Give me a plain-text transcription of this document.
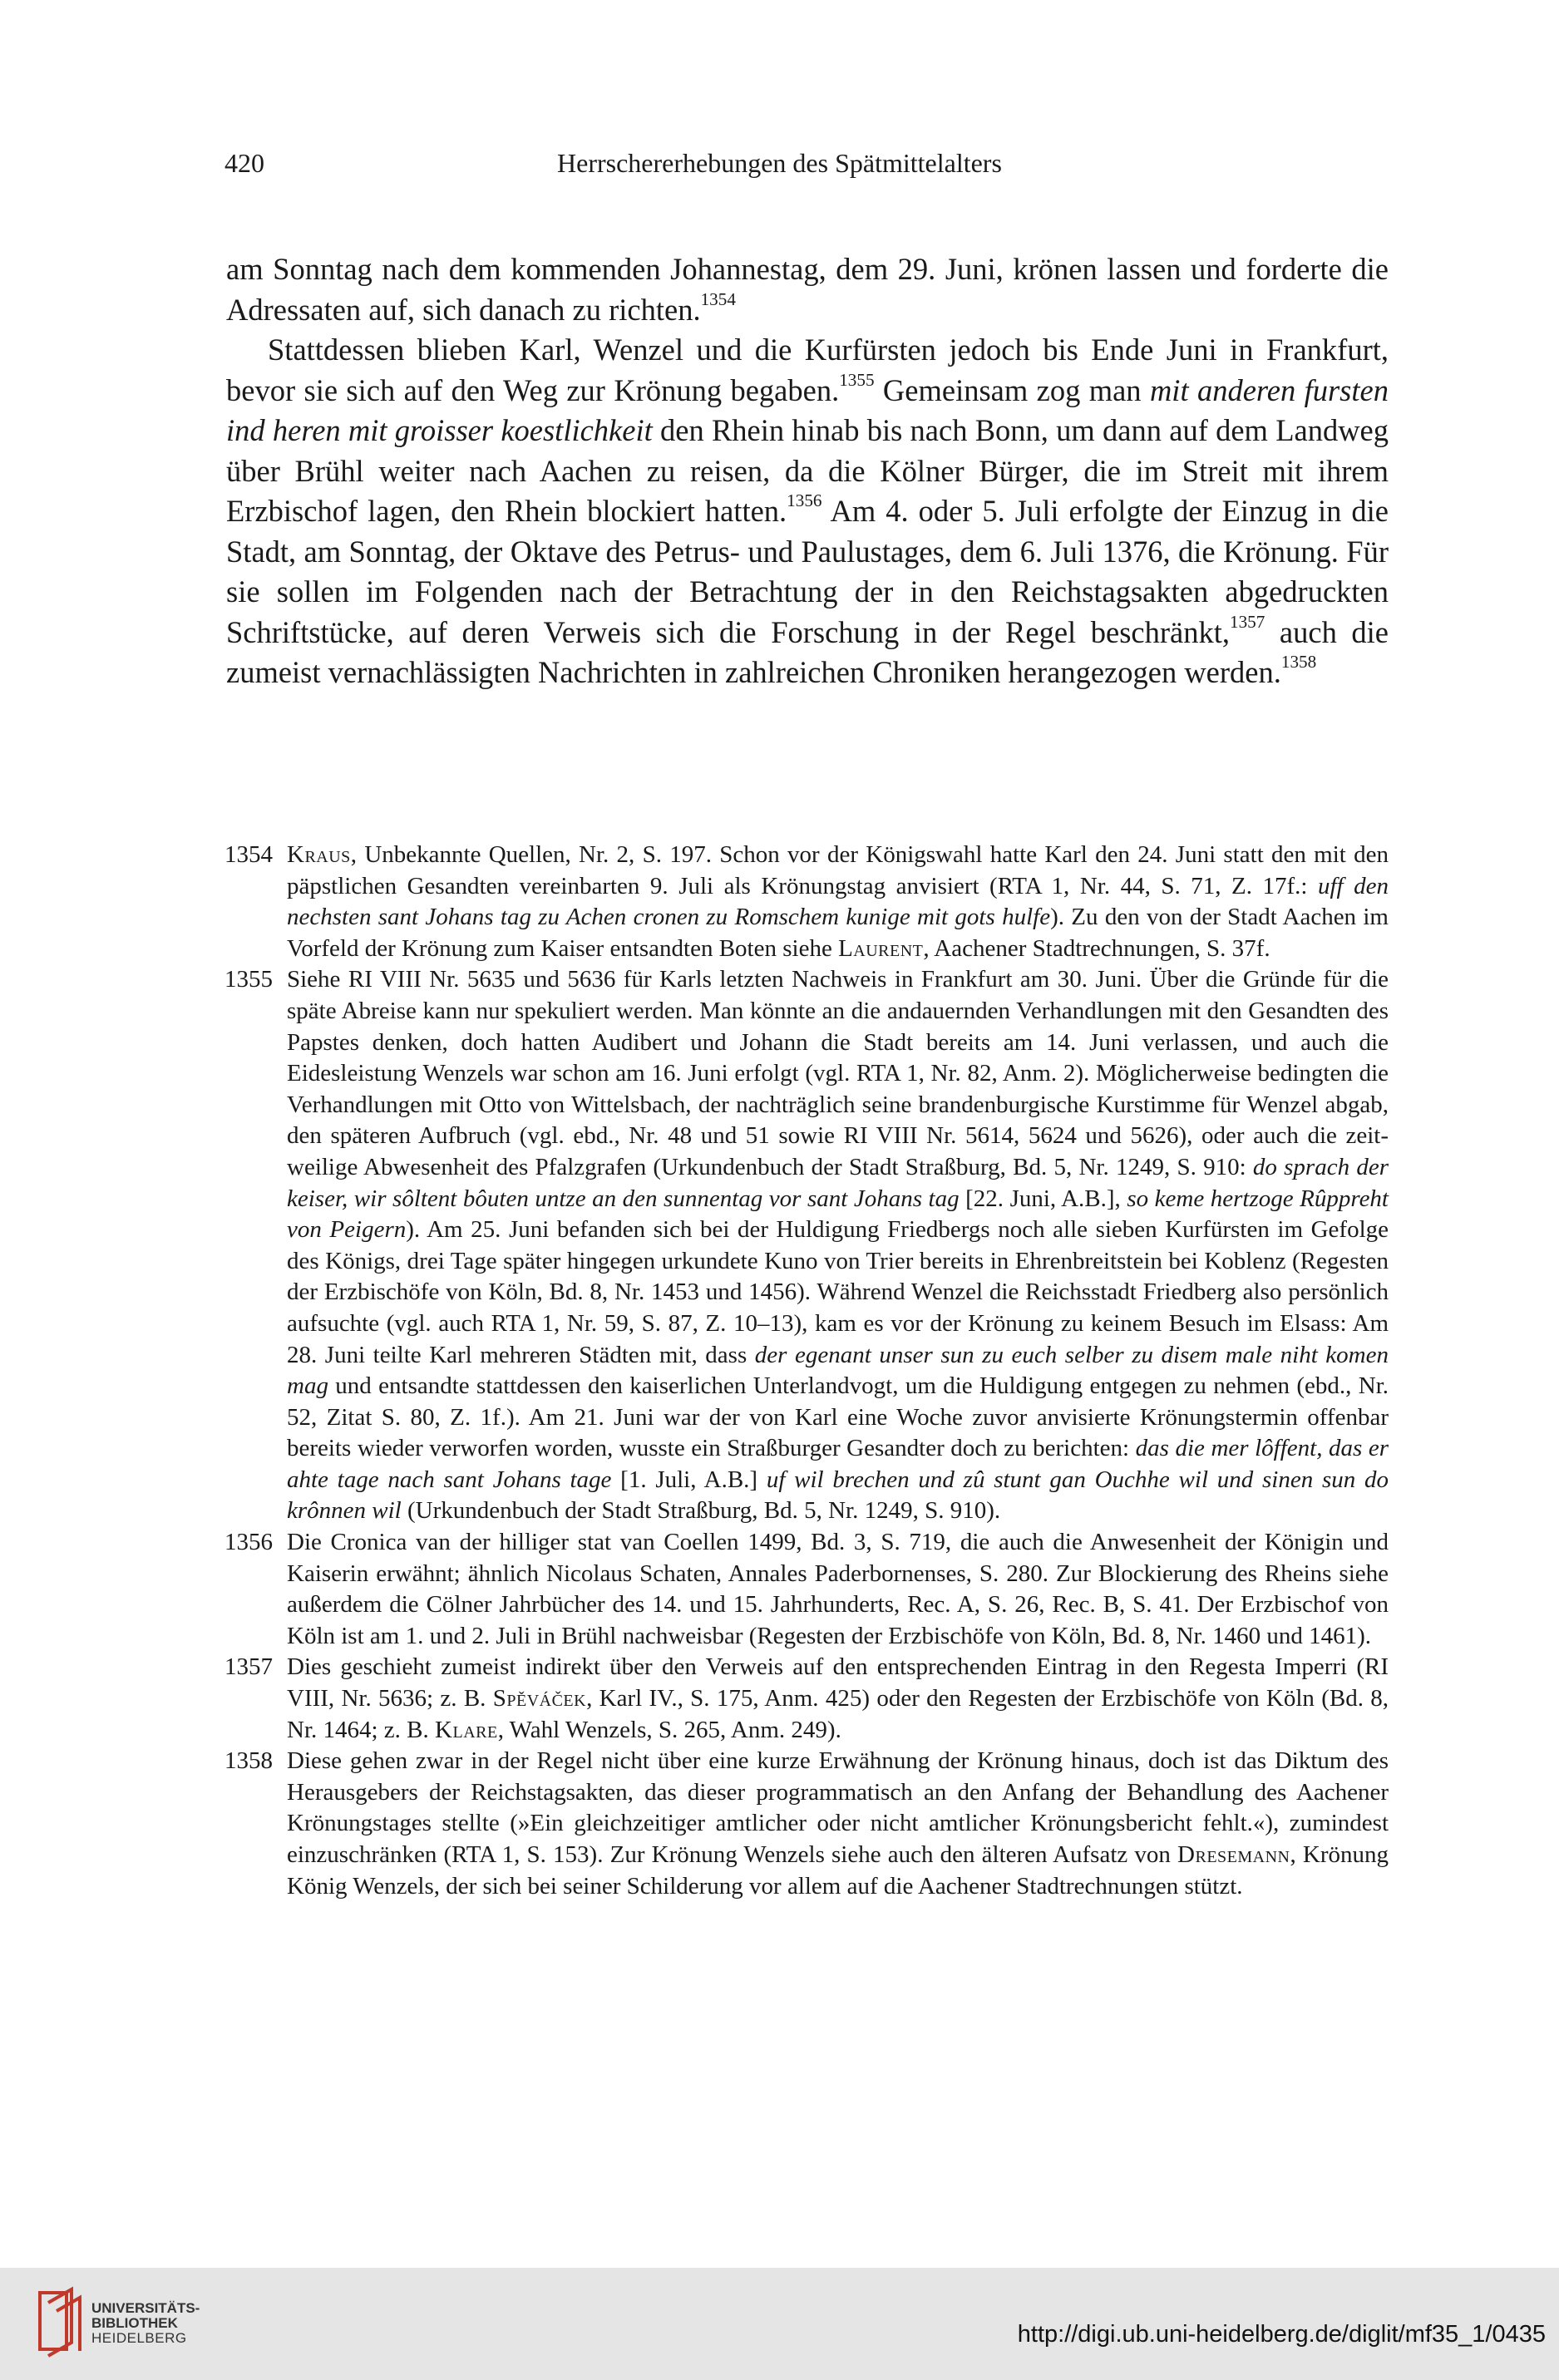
420	Herrschererhebungen des Spätmittelalters

am Sonntag nach dem kommenden Johannestag, dem 29. Juni, krönen lassen und forderte die Adressaten auf, sich danach zu richten.$^{1354}$

Stattdessen blieben Karl, Wenzel und die Kurfürsten jedoch bis Ende Juni in Frankfurt, bevor sie sich auf den Weg zur Krönung begaben.$^{1355}$ Gemeinsam zog man mit anderen fursten ind heren mit groisser koestlichkeit den Rhein hinab bis nach Bonn, um dann auf dem Landweg über Brühl weiter nach Aachen zu reisen, da die Kölner Bürger, die im Streit mit ihrem Erzbischof lagen, den Rhein blockiert hatten.$^{1356}$ Am 4. oder 5. Juli erfolgte der Einzug in die Stadt, am Sonntag, der Oktave des Petrus- und Paulustages, dem 6. Juli 1376, die Krönung. Für sie sollen im Folgenden nach der Betrachtung der in den Reichstagsakten abgedruckten Schriftstücke, auf deren Verweis sich die Forschung in der Regel beschränkt,$^{1357}$ auch die zumeist vernachlässigten Nachrichten in zahlreichen Chroniken herangezogen werden.$^{1358}$

1354 Kraus, Unbekannte Quellen, Nr. 2, S. 197. Schon vor der Königswahl hatte Karl den 24. Juni statt den mit den päpstlichen Gesandten vereinbarten 9. Juli als Krönungstag anvisiert (RTA 1, Nr. 44, S. 71, Z. 17f.: uff den nechsten sant Johans tag zu Achen cronen zu Romschem kunige mit gots hulfe). Zu den von der Stadt Aachen im Vorfeld der Krönung zum Kaiser entsandten Boten siehe Laurent, Aachener Stadtrechnungen, S. 37f.

1355 Siehe RI VIII Nr. 5635 und 5636 für Karls letzten Nachweis in Frankfurt am 30. Juni. Über die Gründe für die späte Abreise kann nur spekuliert werden. Man könnte an die andauernden Verhandlungen mit den Gesandten des Papstes denken, doch hatten Audibert und Johann die Stadt bereits am 14. Juni verlassen, und auch die Eidesleistung Wenzels war schon am 16. Juni erfolgt (vgl. RTA 1, Nr. 82, Anm. 2). Möglicherweise bedingten die Verhandlungen mit Otto von Wittelsbach, der nachträglich seine brandenburgische Kurstimme für Wenzel abgab, den späteren Aufbruch (vgl. ebd., Nr. 48 und 51 sowie RI VIII Nr. 5614, 5624 und 5626), oder auch die zeitweilige Abwesenheit des Pfalzgrafen (Urkundenbuch der Stadt Straßburg, Bd. 5, Nr. 1249, S. 910: do sprach der keiser, wir sôltent bôuten untze an den sunnentag vor sant Johans tag [22. Juni, A.B.], so keme hertzoge Rûppreht von Peigern). Am 25. Juni befanden sich bei der Huldigung Friedbergs noch alle sieben Kurfürsten im Gefolge des Königs, drei Tage später hingegen urkundete Kuno von Trier bereits in Ehrenbreitstein bei Koblenz (Regesten der Erzbischöfe von Köln, Bd. 8, Nr. 1453 und 1456). Während Wenzel die Reichsstadt Friedberg also persönlich aufsuchte (vgl. auch RTA 1, Nr. 59, S. 87, Z. 10–13), kam es vor der Krönung zu keinem Besuch im Elsass: Am 28. Juni teilte Karl mehreren Städten mit, dass der egenant unser sun zu euch selber zu disem male niht komen mag und entsandte stattdessen den kaiserlichen Unterlandvogt, um die Huldigung entgegen zu nehmen (ebd., Nr. 52, Zitat S. 80, Z. 1f.). Am 21. Juni war der von Karl eine Woche zuvor anvisierte Krönungstermin offenbar bereits wieder verworfen worden, wusste ein Straßburger Gesandter doch zu berichten: das die mer lôffent, das er ahte tage nach sant Johans tage [1. Juli, A.B.] uf wil brechen und zû stunt gan Ouchhe wil und sinen sun do krônnen wil (Urkundenbuch der Stadt Straßburg, Bd. 5, Nr. 1249, S. 910).

1356 Die Cronica van der hilliger stat van Coellen 1499, Bd. 3, S. 719, die auch die Anwesenheit der Königin und Kaiserin erwähnt; ähnlich Nicolaus Schaten, Annales Paderbornenses, S. 280. Zur Blockierung des Rheins siehe außerdem die Cölner Jahrbücher des 14. und 15. Jahrhunderts, Rec. A, S. 26, Rec. B, S. 41. Der Erzbischof von Köln ist am 1. und 2. Juli in Brühl nachweisbar (Regesten der Erzbischöfe von Köln, Bd. 8, Nr. 1460 und 1461).

1357 Dies geschieht zumeist indirekt über den Verweis auf den entsprechenden Eintrag in den Regesta Imperri (RI VIII, Nr. 5636; z. B. Spěváček, Karl IV., S. 175, Anm. 425) oder den Regesten der Erzbischöfe von Köln (Bd. 8, Nr. 1464; z. B. Klare, Wahl Wenzels, S. 265, Anm. 249).

1358 Diese gehen zwar in der Regel nicht über eine kurze Erwähnung der Krönung hinaus, doch ist das Diktum des Herausgebers der Reichstagsakten, das dieser programmatisch an den Anfang der Behandlung des Aachener Krönungstages stellte (»Ein gleichzeitiger amtlicher oder nicht amtlicher Krönungsbericht fehlt.«), zumindest einzuschränken (RTA 1, S. 153). Zur Krönung Wenzels siehe auch den älteren Aufsatz von Dresemann, Krönung König Wenzels, der sich bei seiner Schilderung vor allem auf die Aachener Stadtrechnungen stützt.

UNIVERSITÄTS-
BIBLIOTHEK
HEIDELBERG	http://digi.ub.uni-heidelberg.de/diglit/mf35_1/0435
